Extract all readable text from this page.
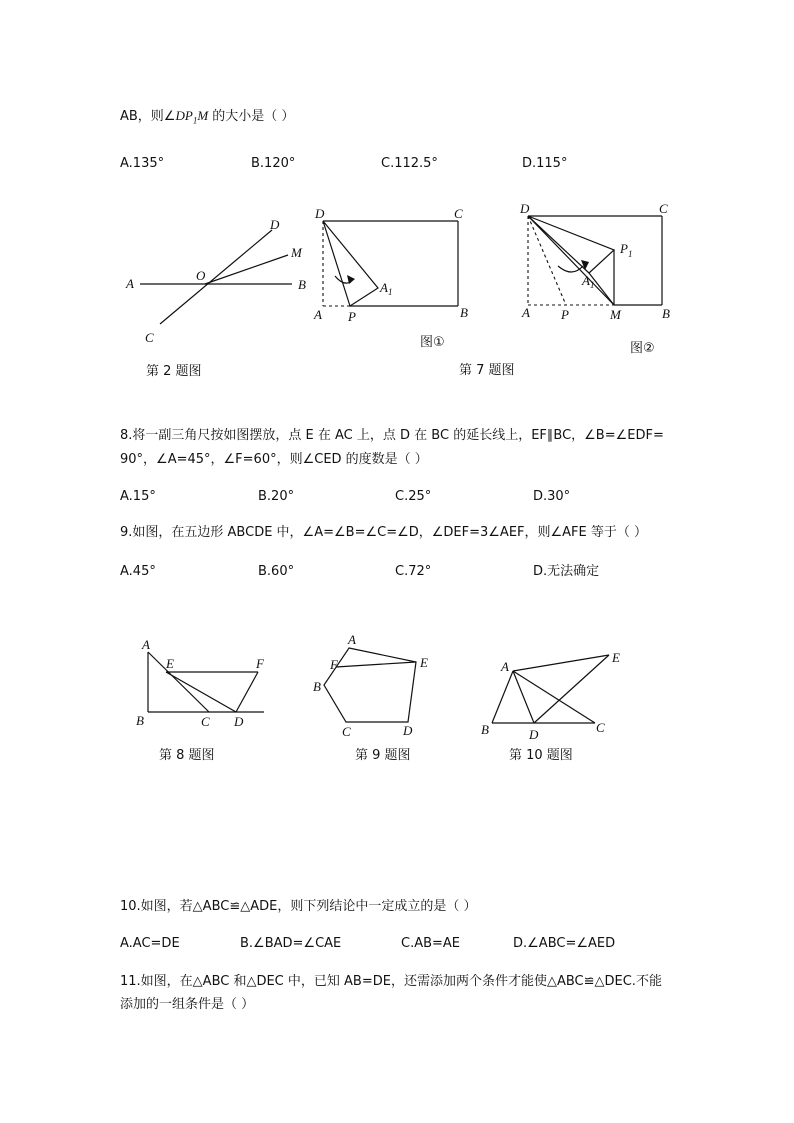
AB，则$\angle DP_1M$ 的大小是（ ）
A.135°	B.120°	C.112.5°	D.115°
A	B
C
D
M
O
第 2 题图
D	C
A P	B
$A_1$
图①
D	C
A P	M	B
$P_1$
$A_1$
图②
第 7 题图
8.将一副三角尺按如图摆放，点 E 在 AC 上，点 D 在 BC 的延长线上，EF∥BC，∠B=∠EDF=
90°，∠A=45°，∠F=60°，则∠CED 的度数是（ ）
A.15°	B.20°	C.25°	D.30°
9.如图，在五边形 ABCDE 中，∠A=∠B=∠C=∠D，∠DEF=3∠AEF，则∠AFE 等于（ ）
A.45°	B.60°	C.72°	D.无法确定
A
E	F
B	C D
第 8 题图
A
F	E
B
C	D
第 9 题图
A
E
B	D	C
第 10 题图
10.如图，若△ABC≌△ADE，则下列结论中一定成立的是（ ）
A.AC=DE	B.∠BAD=∠CAE	C.AB=AE	D.∠ABC=∠AED
11.如图，在△ABC 和△DEC 中，已知 AB=DE，还需添加两个条件才能使△ABC≌△DEC.不能
添加的一组条件是（ ）
